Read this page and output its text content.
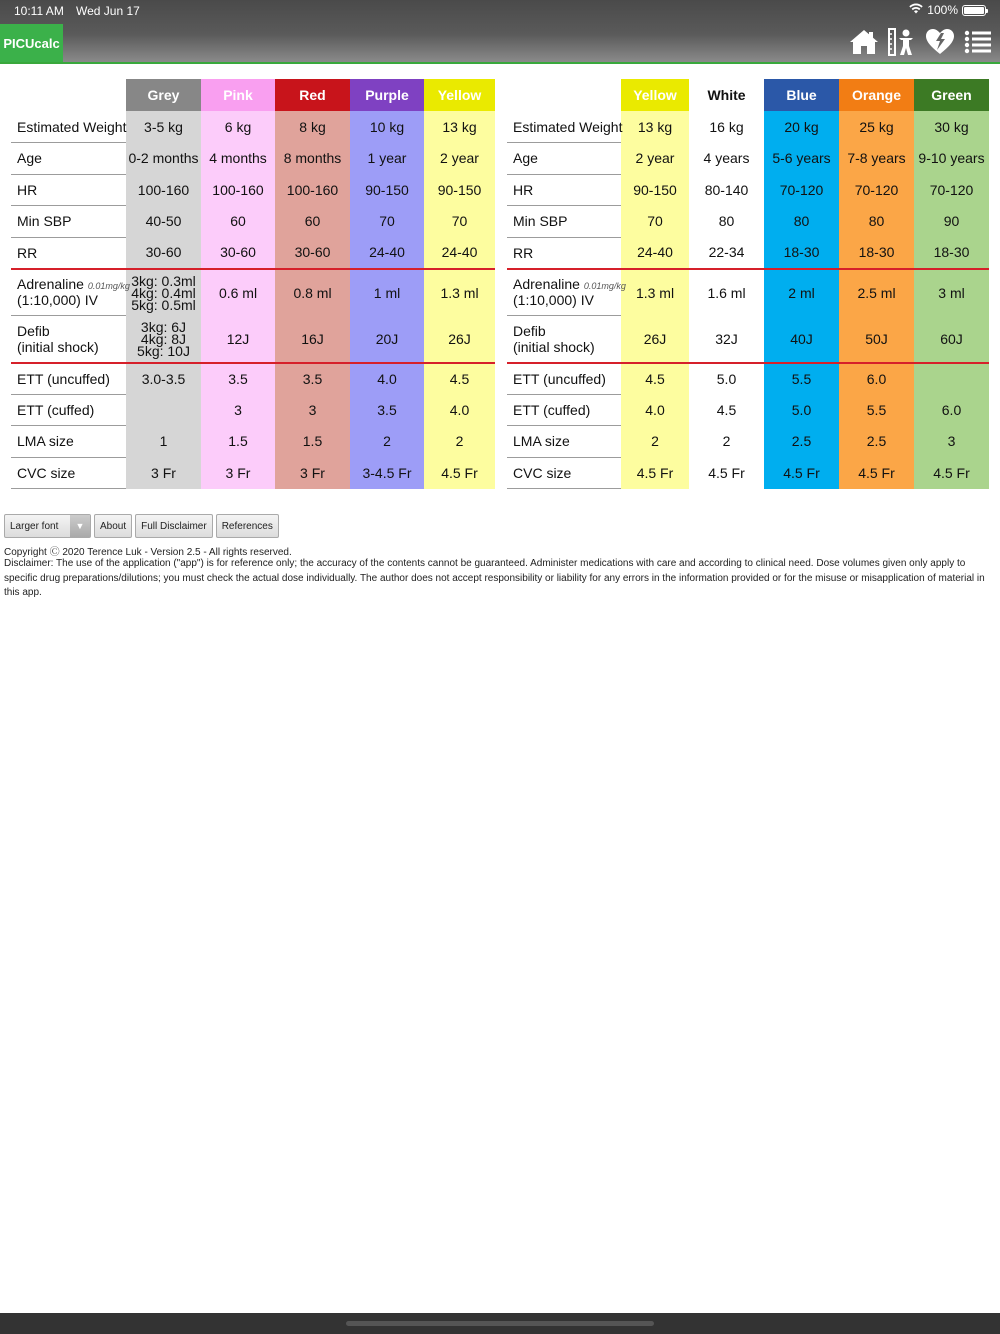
10:11 AM Wed Jun 17	100%
PICUcalc
	Grey	Pink	Red	Purple	Yellow
Estimated Weight	3-5 kg	6 kg	8 kg	10 kg	13 kg
Age	0-2 months	4 months	8 months	1 year	2 year
HR	100-160	100-160	100-160	90-150	90-150
Min SBP	40-50	60	60	70	70
RR	30-60	30-60	30-60	24-40	24-40
Adrenaline 0.01mg/kg
(1:10,000) IV	3kg: 0.3ml
4kg: 0.4ml
5kg: 0.5ml	0.6 ml	0.8 ml	1 ml	1.3 ml
Defib
(initial shock)	3kg: 6J
4kg: 8J
5kg: 10J	12J	16J	20J	26J
ETT (uncuffed)	3.0-3.5	3.5	3.5	4.0	4.5
ETT (cuffed)		3	3	3.5	4.0
LMA size	1	1.5	1.5	2	2
CVC size	3 Fr	3 Fr	3 Fr	3-4.5 Fr	4.5 Fr
	Yellow	White	Blue	Orange	Green
Estimated Weight	13 kg	16 kg	20 kg	25 kg	30 kg
Age	2 year	4 years	5-6 years	7-8 years	9-10 years
HR	90-150	80-140	70-120	70-120	70-120
Min SBP	70	80	80	80	90
RR	24-40	22-34	18-30	18-30	18-30
Adrenaline 0.01mg/kg
(1:10,000) IV	1.3 ml	1.6 ml	2 ml	2.5 ml	3 ml
Defib
(initial shock)	26J	32J	40J	50J	60J
ETT (uncuffed)	4.5	5.0	5.5	6.0	
ETT (cuffed)	4.0	4.5	5.0	5.5	6.0
LMA size	2	2	2.5	2.5	3
CVC size	4.5 Fr	4.5 Fr	4.5 Fr	4.5 Fr	4.5 Fr
Larger font	▼	About	Full Disclaimer	References
Copyright Ⓒ 2020 Terence Luk - Version 2.5 - All rights reserved.
Disclaimer: The use of the application ("app") is for reference only; the accuracy of the contents cannot be guaranteed. Administer medications with care and according to clinical need. Dose volumes given only apply to specific drug preparations/dilutions; you must check the actual dose individually. The author does not accept responsibility or liability for any errors in the information provided or for the misuse or misapplication of material in this app.
